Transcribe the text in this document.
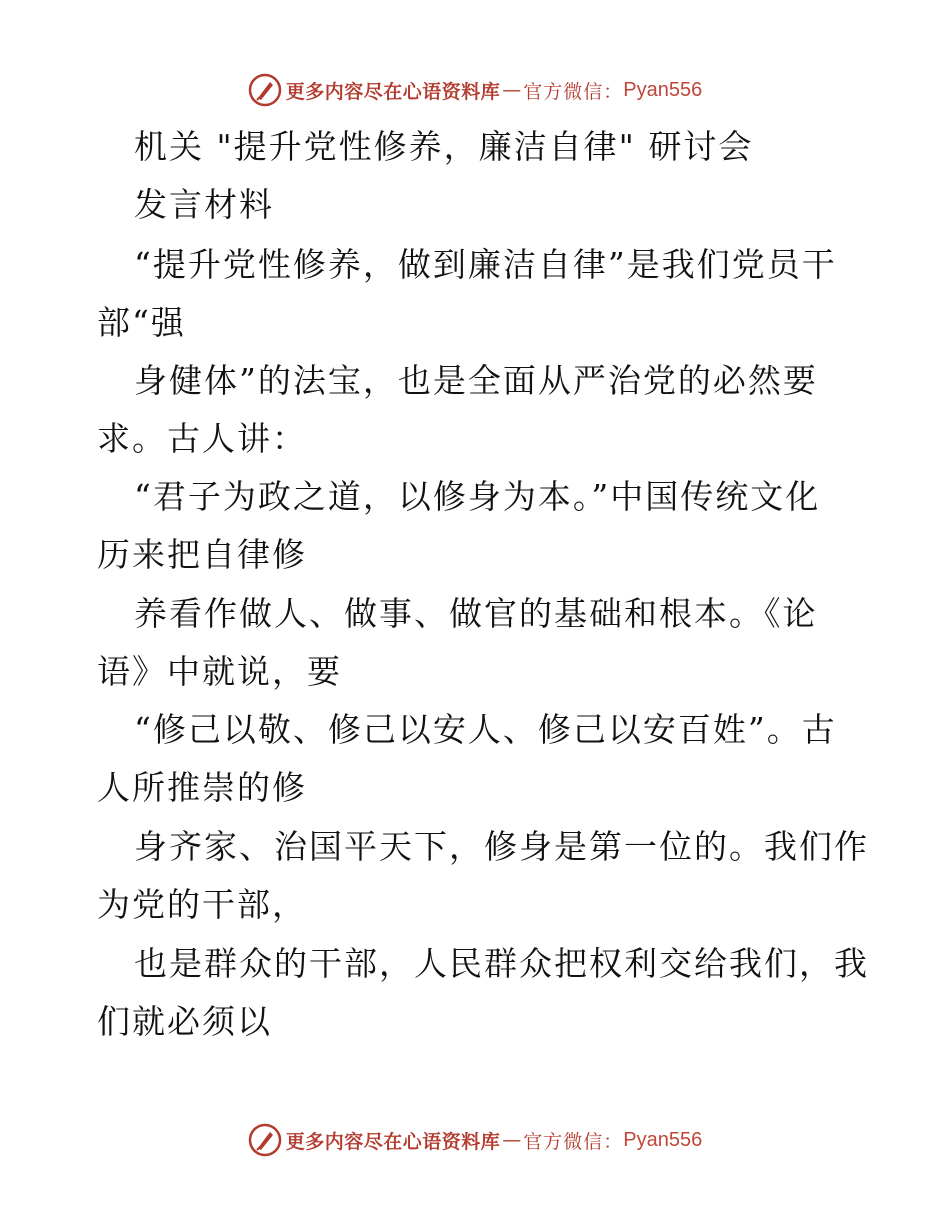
更多内容尽在心语资料库 — 官方微信： Pyan556
机关 "提升党性修养，廉洁自律" 研讨会
发言材料
“提升党性修养，做到廉洁自律”是我们党员干
部“强
身健体”的法宝，也是全面从严治党的必然要
求。古人讲：
“君子为政之道，以修身为本。”中国传统文化
历来把自律修
养看作做人、做事、做官的基础和根本。《论
语》中就说，要
“修己以敬、修己以安人、修己以安百姓”。古
人所推崇的修
身齐家、治国平天下，修身是第一位的。我们作
为党的干部，
也是群众的干部，人民群众把权利交给我们，我
们就必须以
更多内容尽在心语资料库 — 官方微信： Pyan556
